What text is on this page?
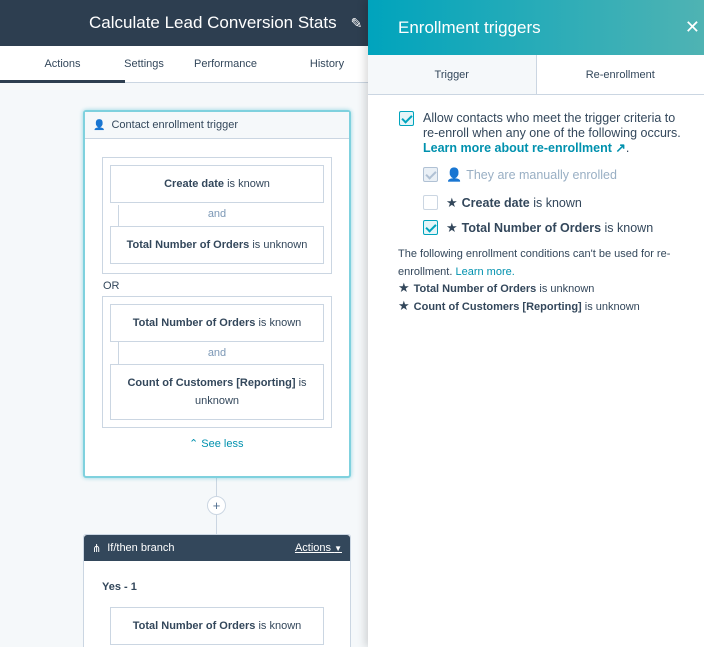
Calculate Lead Conversion Stats ✎
Actions	Settings	Performance	History
👤 Contact enrollment trigger
Create date is known
and
Total Number of Orders is unknown
OR
Total Number of Orders is known
and
Count of Customers [Reporting] is
unknown
⌃ See less
+
⋔ If/then branch	Actions ▼
Yes - 1
Total Number of Orders is known
Enrollment triggers	✕
Trigger	Re-enrollment
Allow contacts who meet the trigger criteria to
re-enroll when any one of the following occurs.
Learn more about re-enrollment ↗.
👤 They are manually enrolled
★ Create date is known
★ Total Number of Orders is known
The following enrollment conditions can't be used for re-
enrollment. Learn more.
★ Total Number of Orders is unknown
★ Count of Customers [Reporting] is unknown
